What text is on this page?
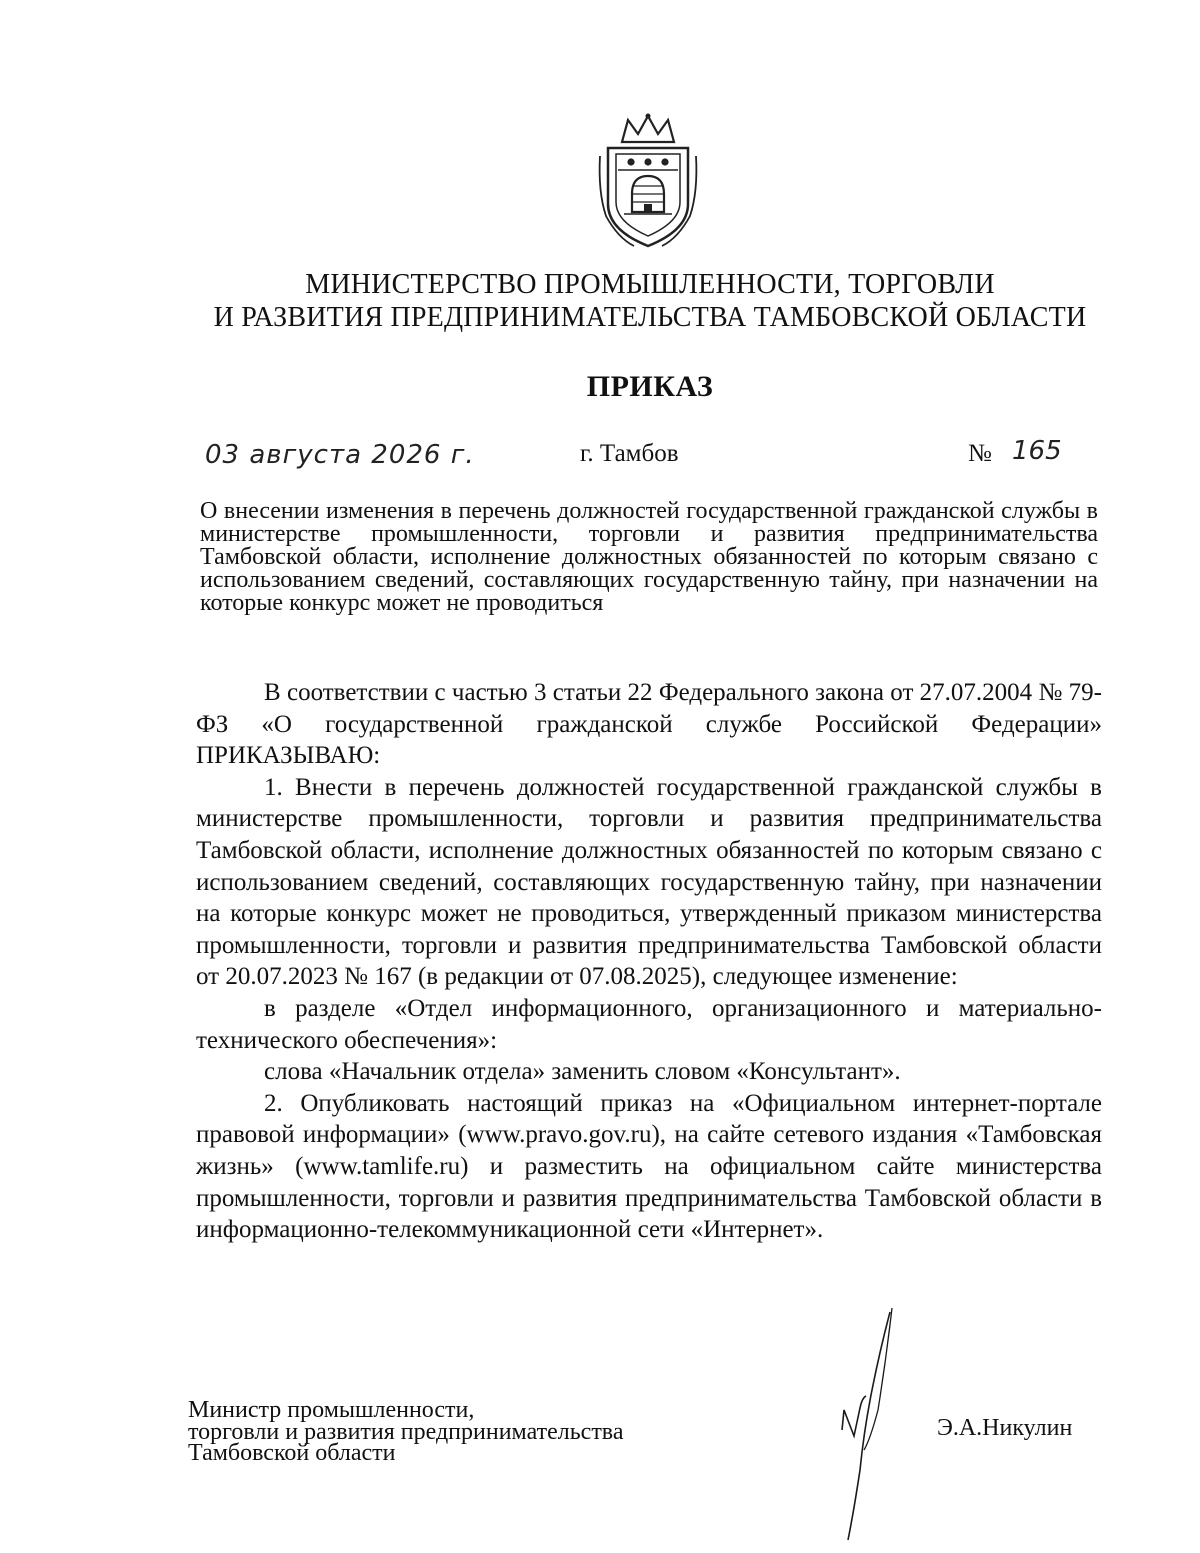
МИНИСТЕРСТВО ПРОМЫШЛЕННОСТИ, ТОРГОВЛИ
И РАЗВИТИЯ ПРЕДПРИНИМАТЕЛЬСТВА ТАМБОВСКОЙ ОБЛАСТИ
ПРИКАЗ
03 августа 2026 г.	г. Тамбов	№ 165
О внесении изменения в перечень должностей государственной гражданской службы в министерстве промышленности, торговли и развития предпринимательства Тамбовской области, исполнение должностных обязанностей по которым связано с использованием сведений, составляющих государственную тайну, при назначении на которые конкурс может не проводиться

В соответствии с частью 3 статьи 22 Федерального закона от 27.07.2004 № 79-ФЗ «О государственной гражданской службе Российской Федерации» ПРИКАЗЫВАЮ:

1. Внести в перечень должностей государственной гражданской службы в министерстве промышленности, торговли и развития предпринимательства Тамбовской области, исполнение должностных обязанностей по которым связано с использованием сведений, составляющих государственную тайну, при назначении на которые конкурс может не проводиться, утвержденный приказом министерства промышленности, торговли и развития предпринимательства Тамбовской области от 20.07.2023 № 167 (в редакции от 07.08.2025), следующее изменение:

в разделе «Отдел информационного, организационного и материально-технического обеспечения»:

слова «Начальник отдела» заменить словом «Консультант».

2. Опубликовать настоящий приказ на «Официальном интернет-портале правовой информации» (www.pravo.gov.ru), на сайте сетевого издания «Тамбовская жизнь» (www.tamlife.ru) и разместить на официальном сайте министерства промышленности, торговли и развития предпринимательства Тамбовской области в информационно-телекоммуникационной сети «Интернет».

Министр промышленности,
торговли и развития предпринимательства
Тамбовской области
Э.А.Никулин
